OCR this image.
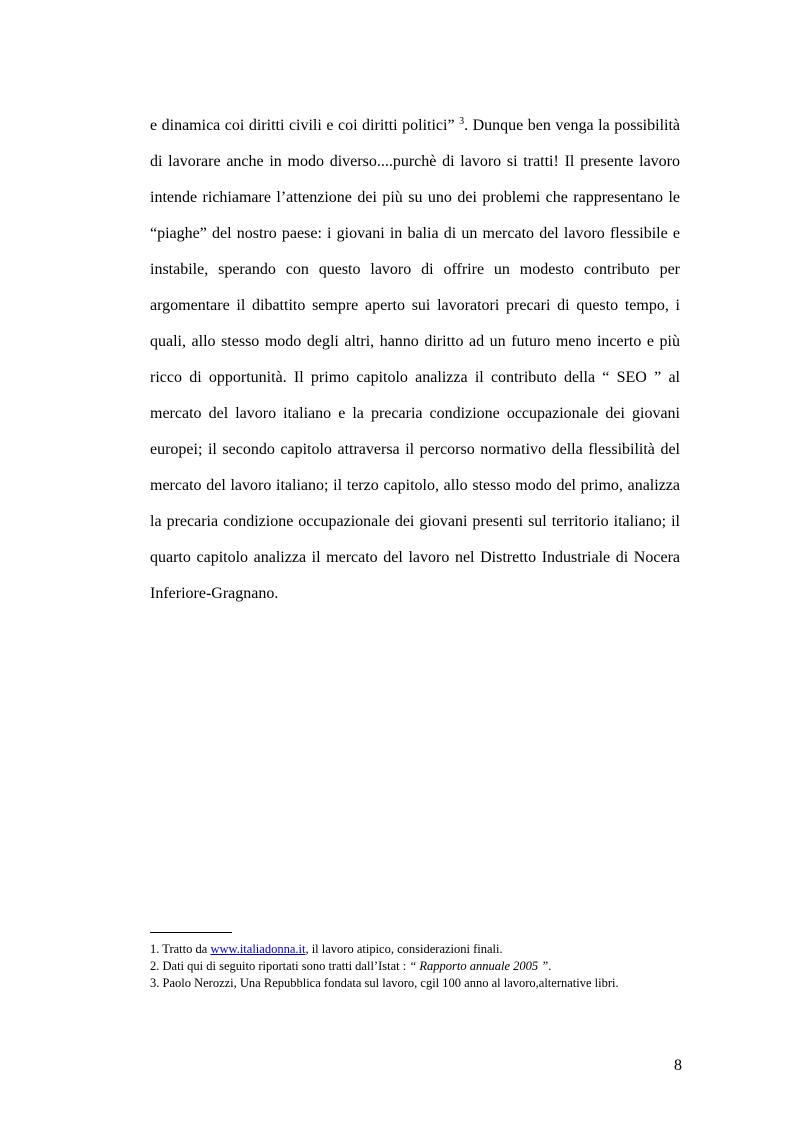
e dinamica coi diritti civili e coi diritti politici” $^3$. Dunque ben venga la possibilità
di lavorare anche in modo diverso....purchè di lavoro si tratti! Il presente lavoro
intende richiamare l’attenzione dei più su uno dei problemi che rappresentano le
“piaghe” del nostro paese: i giovani in balia di un mercato del lavoro flessibile e
instabile, sperando con questo lavoro di offrire un modesto contributo per
argomentare il dibattito sempre aperto sui lavoratori precari di questo tempo, i
quali, allo stesso modo degli altri, hanno diritto ad un futuro meno incerto e più
ricco di opportunità. Il primo capitolo analizza il contributo della “ SEO ” al
mercato del lavoro italiano e la precaria condizione occupazionale dei giovani
europei; il secondo capitolo attraversa il percorso normativo della flessibilità del
mercato del lavoro italiano; il terzo capitolo, allo stesso modo del primo, analizza
la precaria condizione occupazionale dei giovani presenti sul territorio italiano; il
quarto capitolo analizza il mercato del lavoro nel Distretto Industriale di Nocera
Inferiore-Gragnano.
1. Tratto da www.italiadonna.it, il lavoro atipico, considerazioni finali.
2. Dati qui di seguito riportati sono tratti dall’Istat : “ Rapporto annuale 2005 ”.
3. Paolo Nerozzi, Una Repubblica fondata sul lavoro, cgil 100 anno al lavoro,alternative libri.
8
